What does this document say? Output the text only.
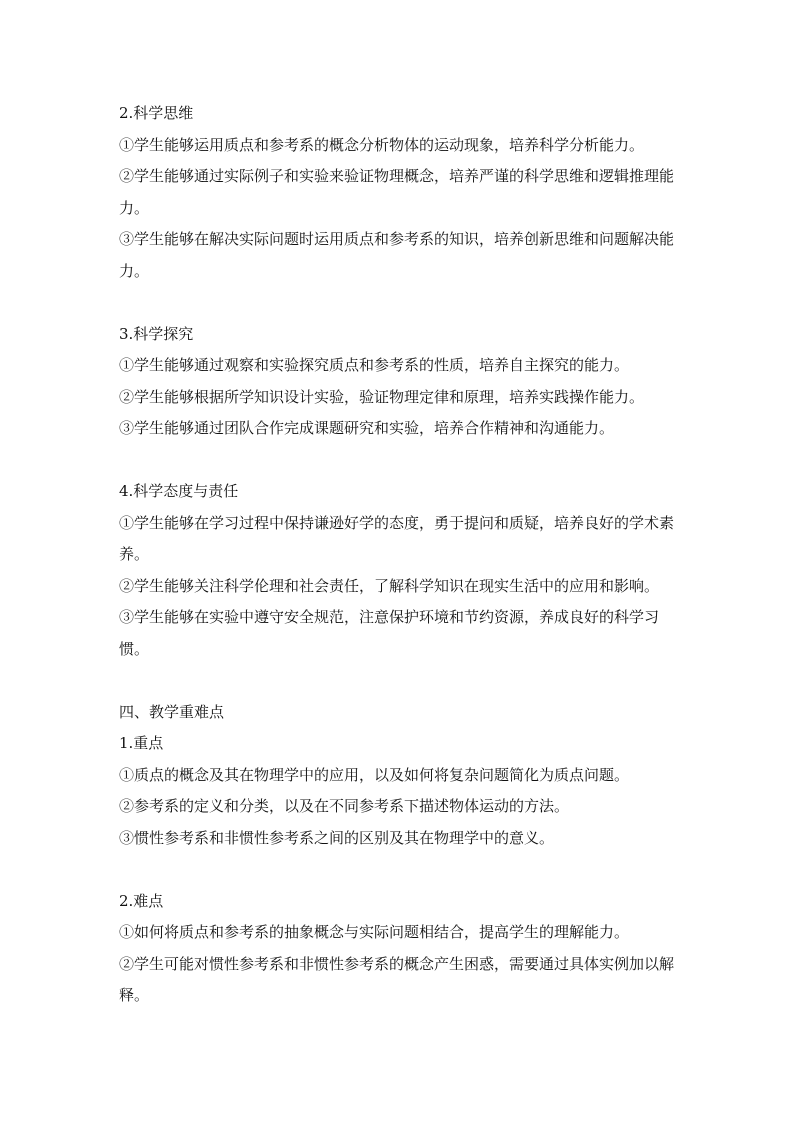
2.科学思维

①学生能够运用质点和参考系的概念分析物体的运动现象，培养科学分析能力。

②学生能够通过实际例子和实验来验证物理概念，培养严谨的科学思维和逻辑推理能力。

③学生能够在解决实际问题时运用质点和参考系的知识，培养创新思维和问题解决能力。

3.科学探究

①学生能够通过观察和实验探究质点和参考系的性质，培养自主探究的能力。

②学生能够根据所学知识设计实验，验证物理定律和原理，培养实践操作能力。

③学生能够通过团队合作完成课题研究和实验，培养合作精神和沟通能力。

4.科学态度与责任

①学生能够在学习过程中保持谦逊好学的态度，勇于提问和质疑，培养良好的学术素养。

②学生能够关注科学伦理和社会责任，了解科学知识在现实生活中的应用和影响。

③学生能够在实验中遵守安全规范，注意保护环境和节约资源，养成良好的科学习惯。

四、教学重难点

1.重点

①质点的概念及其在物理学中的应用，以及如何将复杂问题简化为质点问题。

②参考系的定义和分类，以及在不同参考系下描述物体运动的方法。

③惯性参考系和非惯性参考系之间的区别及其在物理学中的意义。

2.难点

①如何将质点和参考系的抽象概念与实际问题相结合，提高学生的理解能力。

②学生可能对惯性参考系和非惯性参考系的概念产生困惑，需要通过具体实例加以解释。
